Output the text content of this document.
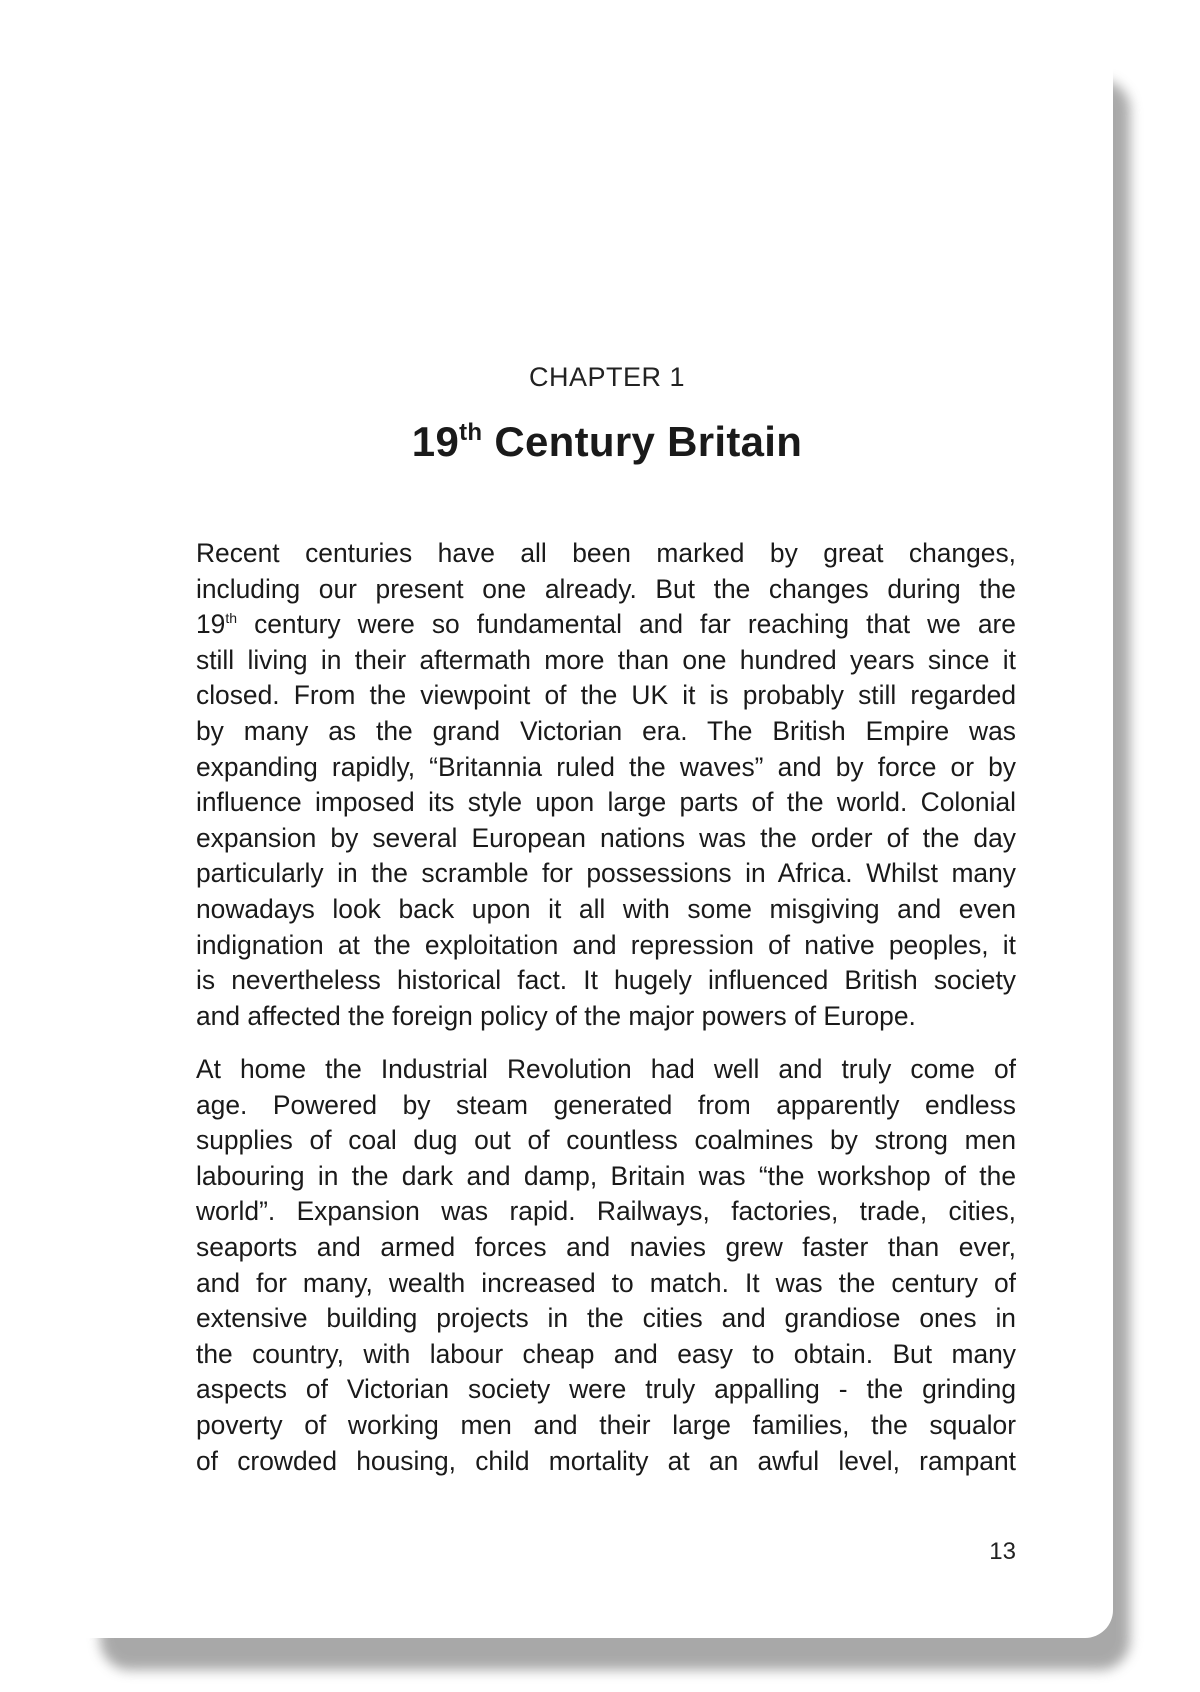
CHAPTER 1
19th Century Britain
Recent centuries have all been marked by great changes,
including our present one already. But the changes during the
19th century were so fundamental and far reaching that we are
still living in their aftermath more than one hundred years since it
closed. From the viewpoint of the UK it is probably still regarded
by many as the grand Victorian era. The British Empire was
expanding rapidly, “Britannia ruled the waves” and by force or by
influence imposed its style upon large parts of the world. Colonial
expansion by several European nations was the order of the day
particularly in the scramble for possessions in Africa. Whilst many
nowadays look back upon it all with some misgiving and even
indignation at the exploitation and repression of native peoples, it
is nevertheless historical fact. It hugely influenced British society
and affected the foreign policy of the major powers of Europe.
At home the Industrial Revolution had well and truly come of
age. Powered by steam generated from apparently endless
supplies of coal dug out of countless coalmines by strong men
labouring in the dark and damp, Britain was “the workshop of the
world”. Expansion was rapid. Railways, factories, trade, cities,
seaports and armed forces and navies grew faster than ever,
and for many, wealth increased to match. It was the century of
extensive building projects in the cities and grandiose ones in
the country, with labour cheap and easy to obtain. But many
aspects of Victorian society were truly appalling - the grinding
poverty of working men and their large families, the squalor
of crowded housing, child mortality at an awful level, rampant
13
